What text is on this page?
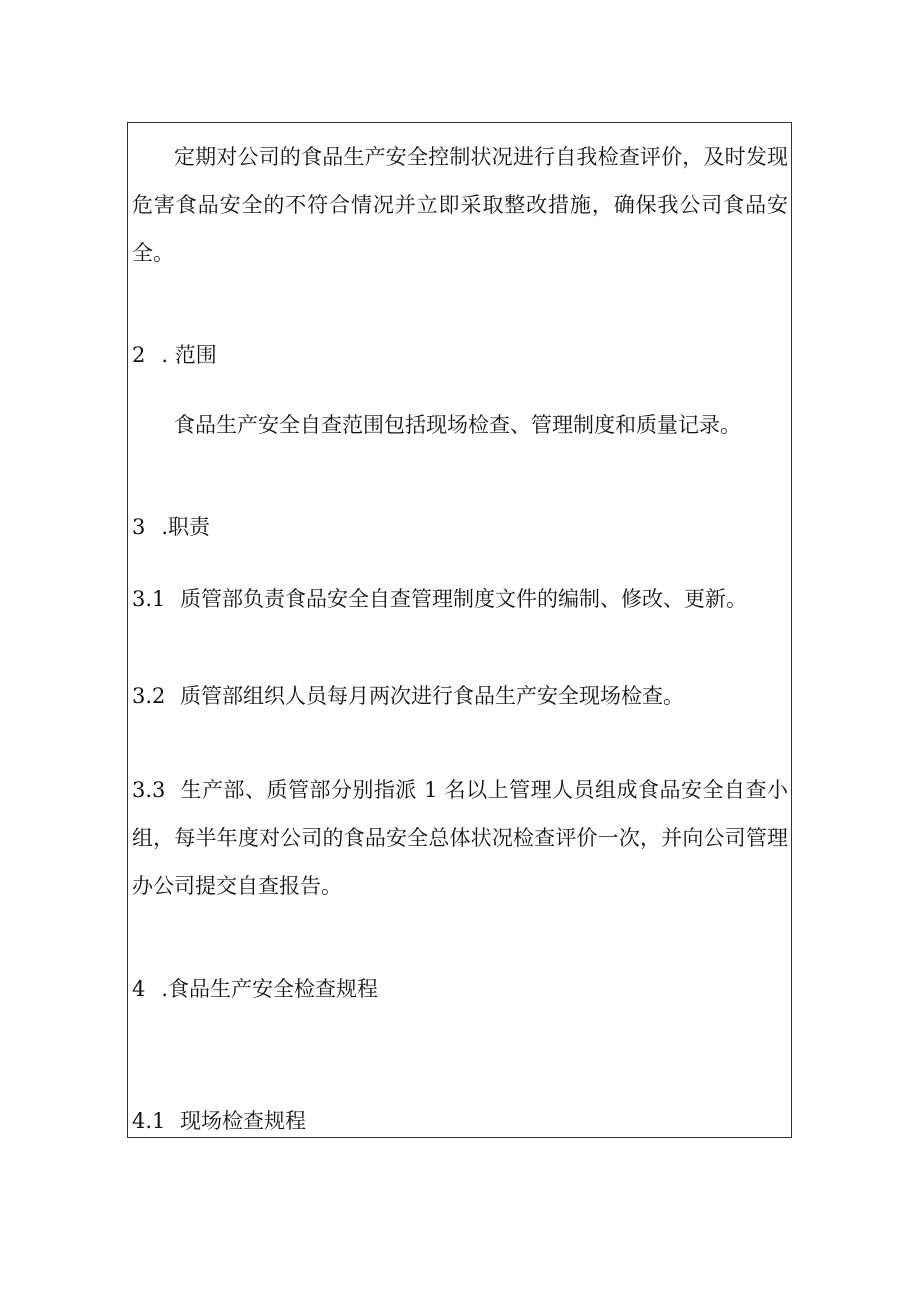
定期对公司的食品生产安全控制状况进行自我检查评价，及时发现危害食品安全的不符合情况并立即采取整改措施，确保我公司食品安全。
2 . 范围
食品生产安全自查范围包括现场检查、管理制度和质量记录。
3 .职责
3.1 质管部负责食品安全自查管理制度文件的编制、修改、更新。
3.2 质管部组织人员每月两次进行食品生产安全现场检查。
3.3 生产部、质管部分别指派 1 名以上管理人员组成食品安全自查小组，每半年度对公司的食品安全总体状况检查评价一次，并向公司管理办公司提交自查报告。
4 .食品生产安全检查规程
4.1 现场检查规程
